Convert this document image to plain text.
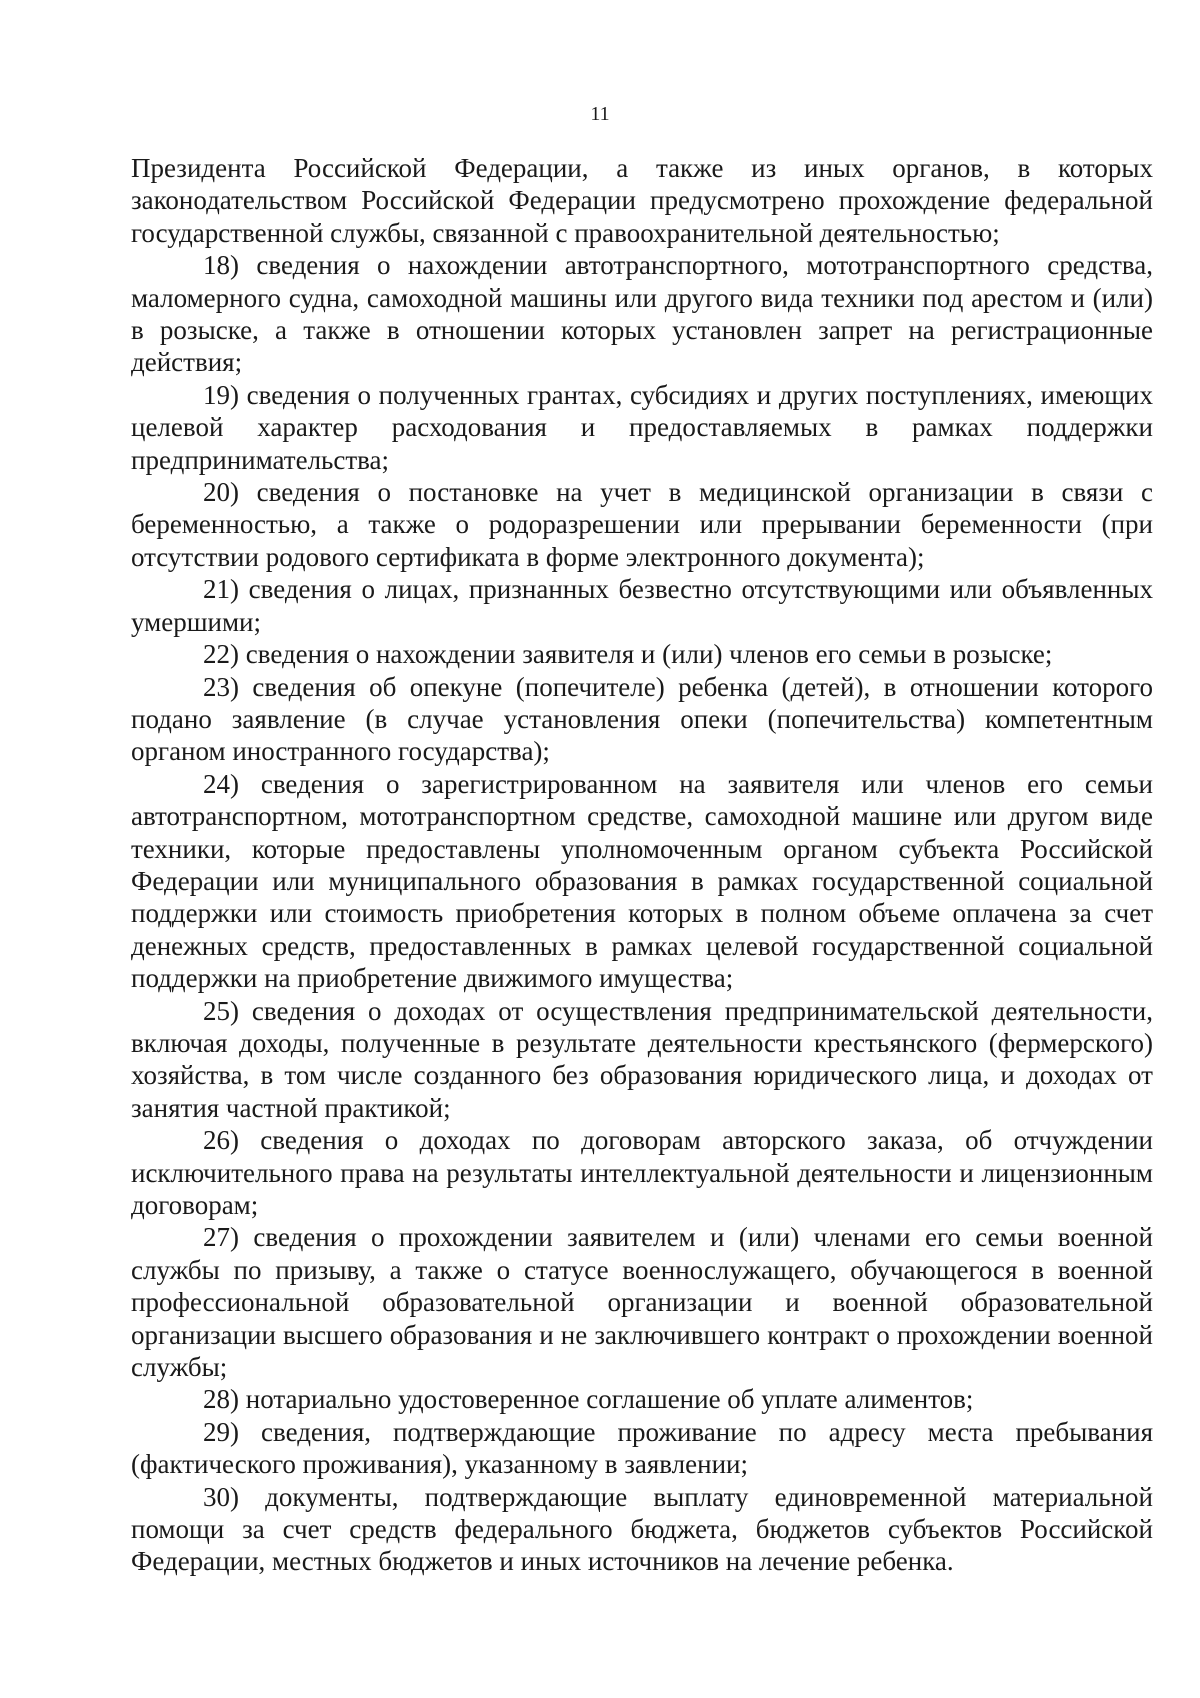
11

Президента Российской Федерации, а также из иных органов, в которых законодательством Российской Федерации предусмотрено прохождение федеральной государственной службы, связанной с правоохранительной деятельностью;

18) сведения о нахождении автотранспортного, мототранспортного средства, маломерного судна, самоходной машины или другого вида техники под арестом и (или) в розыске, а также в отношении которых установлен запрет на регистрационные действия;

19) сведения о полученных грантах, субсидиях и других поступлениях, имеющих целевой характер расходования и предоставляемых в рамках поддержки предпринимательства;

20) сведения о постановке на учет в медицинской организации в связи с беременностью, а также о родоразрешении или прерывании беременности (при отсутствии родового сертификата в форме электронного документа);

21) сведения о лицах, признанных безвестно отсутствующими или объявленных умершими;

22) сведения о нахождении заявителя и (или) членов его семьи в розыске;

23) сведения об опекуне (попечителе) ребенка (детей), в отношении которого подано заявление (в случае установления опеки (попечительства) компетентным органом иностранного государства);

24) сведения о зарегистрированном на заявителя или членов его семьи автотранспортном, мототранспортном средстве, самоходной машине или другом виде техники, которые предоставлены уполномоченным органом субъекта Российской Федерации или муниципального образования в рамках государственной социальной поддержки или стоимость приобретения которых в полном объеме оплачена за счет денежных средств, предоставленных в рамках целевой государственной социальной поддержки на приобретение движимого имущества;

25) сведения о доходах от осуществления предпринимательской деятельности, включая доходы, полученные в результате деятельности крестьянского (фермерского) хозяйства, в том числе созданного без образования юридического лица, и доходах от занятия частной практикой;

26) сведения о доходах по договорам авторского заказа, об отчуждении исключительного права на результаты интеллектуальной деятельности и лицензионным договорам;

27) сведения о прохождении заявителем и (или) членами его семьи военной службы по призыву, а также о статусе военнослужащего, обучающегося в военной профессиональной образовательной организации и военной образовательной организации высшего образования и не заключившего контракт о прохождении военной службы;

28) нотариально удостоверенное соглашение об уплате алиментов;

29) сведения, подтверждающие проживание по адресу места пребывания (фактического проживания), указанному в заявлении;

30) документы, подтверждающие выплату единовременной материальной помощи за счет средств федерального бюджета, бюджетов субъектов Российской Федерации, местных бюджетов и иных источников на лечение ребенка.
